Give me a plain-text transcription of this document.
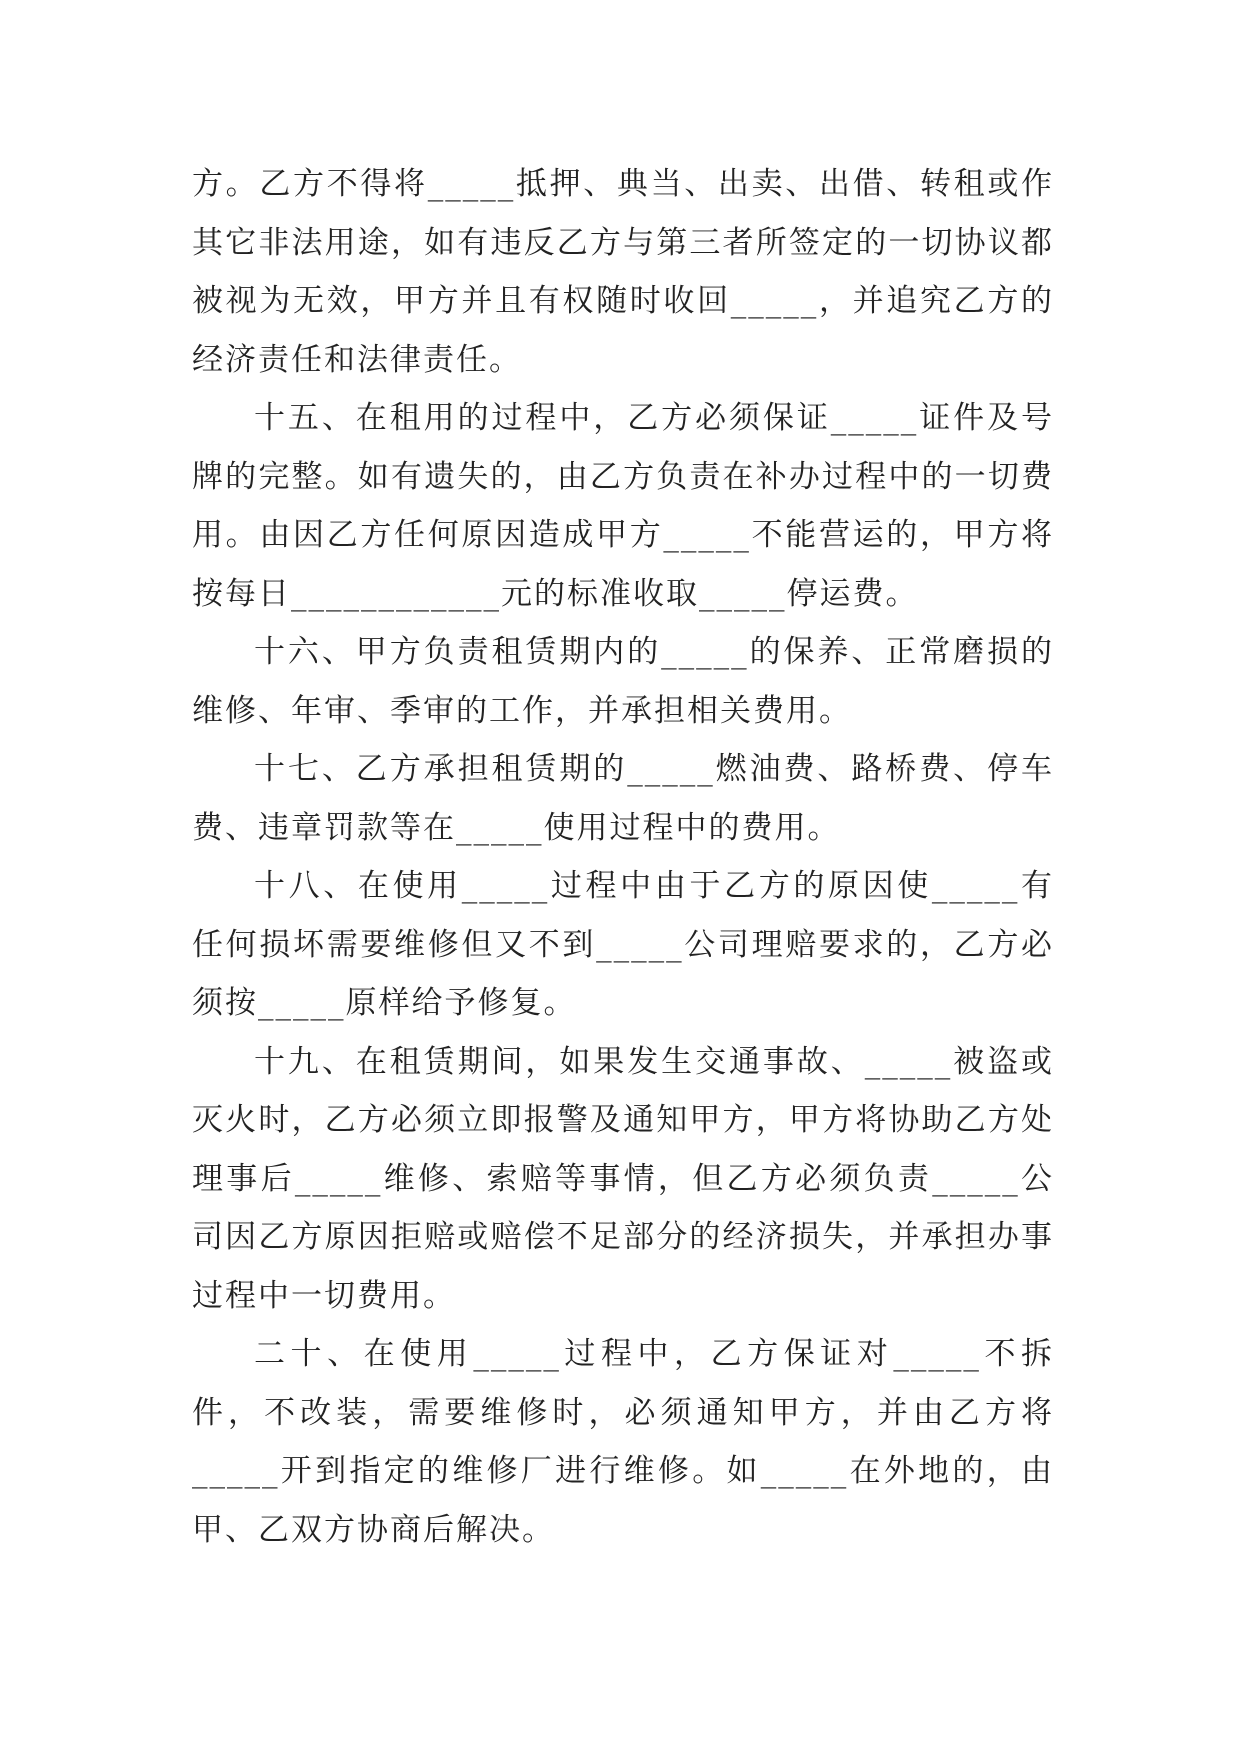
方。乙方不得将_____抵押、典当、出卖、出借、转租或作其它非法用途，如有违反乙方与第三者所签定的一切协议都被视为无效，甲方并且有权随时收回_____，并追究乙方的经济责任和法律责任。

十五、在租用的过程中，乙方必须保证_____证件及号牌的完整。如有遗失的，由乙方负责在补办过程中的一切费用。由因乙方任何原因造成甲方_____不能营运的，甲方将按每日____________元的标准收取_____停运费。

十六、甲方负责租赁期内的_____的保养、正常磨损的维修、年审、季审的工作，并承担相关费用。

十七、乙方承担租赁期的_____燃油费、路桥费、停车费、违章罚款等在_____使用过程中的费用。

十八、在使用_____过程中由于乙方的原因使_____有任何损坏需要维修但又不到_____公司理赔要求的，乙方必须按_____原样给予修复。

十九、在租赁期间，如果发生交通事故、_____被盗或灭火时，乙方必须立即报警及通知甲方，甲方将协助乙方处理事后_____维修、索赔等事情，但乙方必须负责_____公司因乙方原因拒赔或赔偿不足部分的经济损失，并承担办事过程中一切费用。

二十、在使用_____过程中，乙方保证对_____不拆件，不改装，需要维修时，必须通知甲方，并由乙方将_____开到指定的维修厂进行维修。如_____在外地的，由甲、乙双方协商后解决。
